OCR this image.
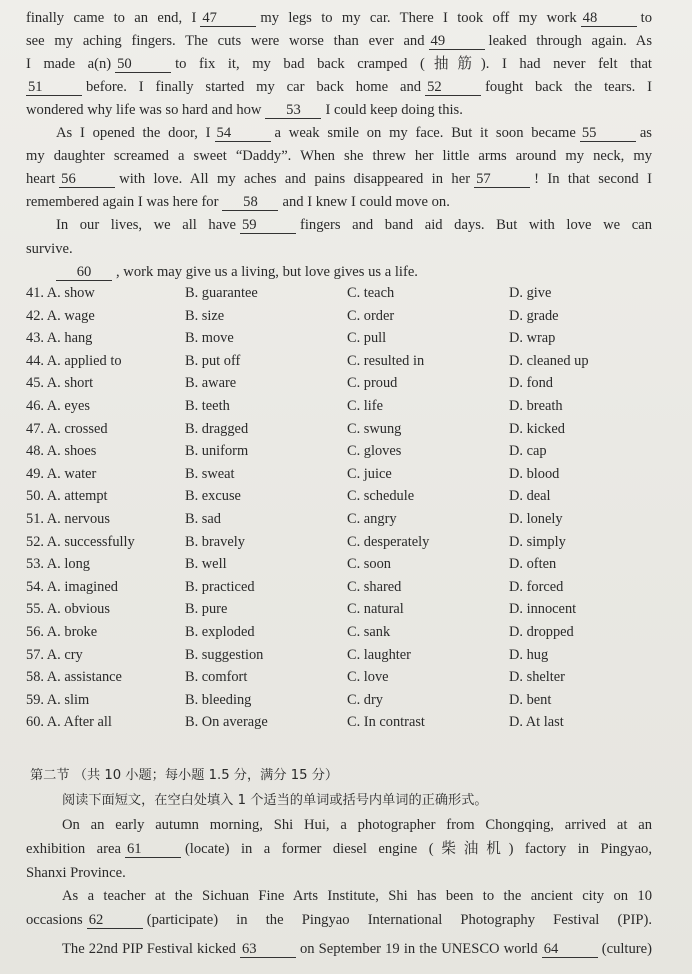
finally came to an end, I 47	my legs to my car. There I took off my work 48	to
see my aching fingers. The cuts were worse than ever and 49	leaked through again. As
I made a(n) 50	to fix it, my bad back cramped (抽筋). I had never felt that
51	before. I finally started my car back home and 52	fought back the tears. I
wondered why life was so hard and how 53 I could keep doing this.
As I opened the door, I 54	a weak smile on my face. But it soon became 55	as
my daughter screamed a sweet “Daddy”. When she threw her little arms around my neck, my
heart 56	with love. All my aches and pains disappeared in her 57	! In that second I
remembered again I was here for 58 and I knew I could move on.
In our lives, we all have 59	fingers and band aid days. But with love we can
survive.
60 , work may give us a living, but love gives us a life.
41. A. show	B. guarantee	C. teach	D. give
42. A. wage	B. size	C. order	D. grade
43. A. hang	B. move	C. pull	D. wrap
44. A. applied to	B. put off	C. resulted in	D. cleaned up
45. A. short	B. aware	C. proud	D. fond
46. A. eyes	B. teeth	C. life	D. breath
47. A. crossed	B. dragged	C. swung	D. kicked
48. A. shoes	B. uniform	C. gloves	D. cap
49. A. water	B. sweat	C. juice	D. blood
50. A. attempt	B. excuse	C. schedule	D. deal
51. A. nervous	B. sad	C. angry	D. lonely
52. A. successfully	B. bravely	C. desperately	D. simply
53. A. long	B. well	C. soon	D. often
54. A. imagined	B. practiced	C. shared	D. forced
55. A. obvious	B. pure	C. natural	D. innocent
56. A. broke	B. exploded	C. sank	D. dropped
57. A. cry	B. suggestion	C. laughter	D. hug
58. A. assistance	B. comfort	C. love	D. shelter
59. A. slim	B. bleeding	C. dry	D. bent
60. A. After all	B. On average	C. In contrast	D. At last
第二节 （共 10 小题；每小题 1.5 分，满分 15 分）
阅读下面短文，在空白处填入 1 个适当的单词或括号内单词的正确形式。
On an early autumn morning, Shi Hui, a photographer from Chongqing, arrived at an
exhibition area 61	(locate) in a former diesel engine (柴油机) factory in Pingyao,
Shanxi Province.
As a teacher at the Sichuan Fine Arts Institute, Shi has been to the ancient city on 10
occasions 62	(participate) in the Pingyao International Photography Festival (PIP).
The 22nd PIP Festival kicked 63	on September 19 in the UNESCO world 64	(culture)
